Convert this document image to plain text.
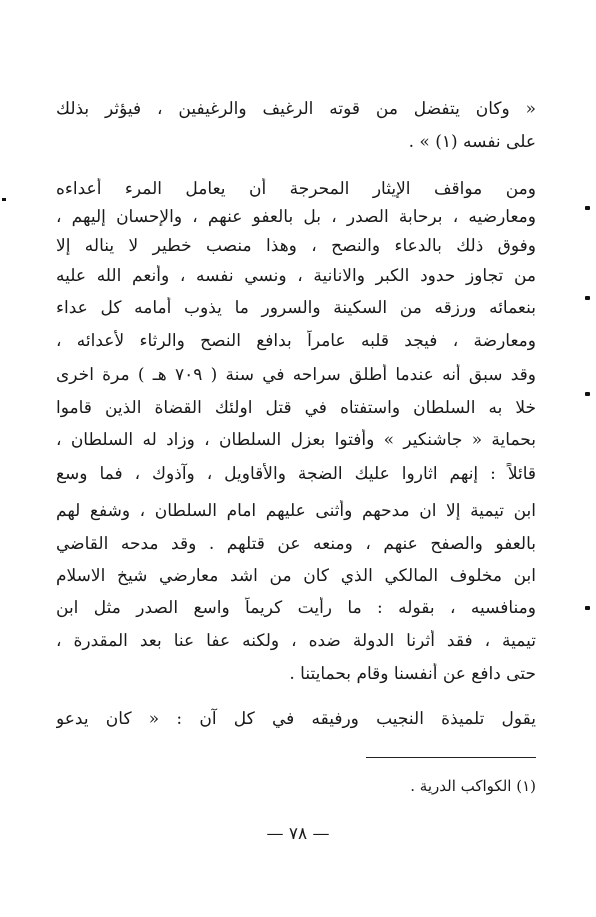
« وكان يتفضل من قوته الرغيف والرغيفين ، فيؤثر بذلك
على نفسه (١) » .
ومن مواقف الإيثار المحرجة أن يعامل المرء أعداءه
ومعارضيه ، برحابة الصدر ، بل بالعفو عنهم ، والإحسان إليهم ،
وفوق ذلك بالدعاء والنصح ، وهذا منصب خطير لا يناله إلا
من تجاوز حدود الكبر والانانية ، ونسي نفسه ، وأنعم الله عليه
بنعمائه ورزقه من السكينة والسرور ما يذوب أمامه كل عداء
ومعارضة ، فيجد قلبه عامراً بدافع النصح والرثاء لأعدائه ،
وقد سبق أنه عندما أطلق سراحه في سنة ( ٧٠٩ هـ ) مرة اخرى
خلا به السلطان واستفتاه في قتل اولئك القضاة الذين قاموا
بحماية « جاشنكير » وأفتوا بعزل السلطان ، وزاد له السلطان ،
قائلاً : إنهم اثاروا عليك الضجة والأقاويل ، وآذوك ، فما وسع
ابن تيمية إلا ان مدحهم وأثنى عليهم امام السلطان ، وشفع لهم
بالعفو والصفح عنهم ، ومنعه عن قتلهم . وقد مدحه القاضي
ابن مخلوف المالكي الذي كان من اشد معارضي شيخ الاسلام
ومنافسيه ، بقوله : ما رأيت كريماً واسع الصدر مثل ابن
تيمية ، فقد أثرنا الدولة ضده ، ولكنه عفا عنا بعد المقدرة ،
حتى دافع عن أنفسنا وقام بحمايتنا .
يقول تلميذة النجيب ورفيقه في كل آن : « كان يدعو
(١) الكواكب الدرية .
— ٧٨ —
